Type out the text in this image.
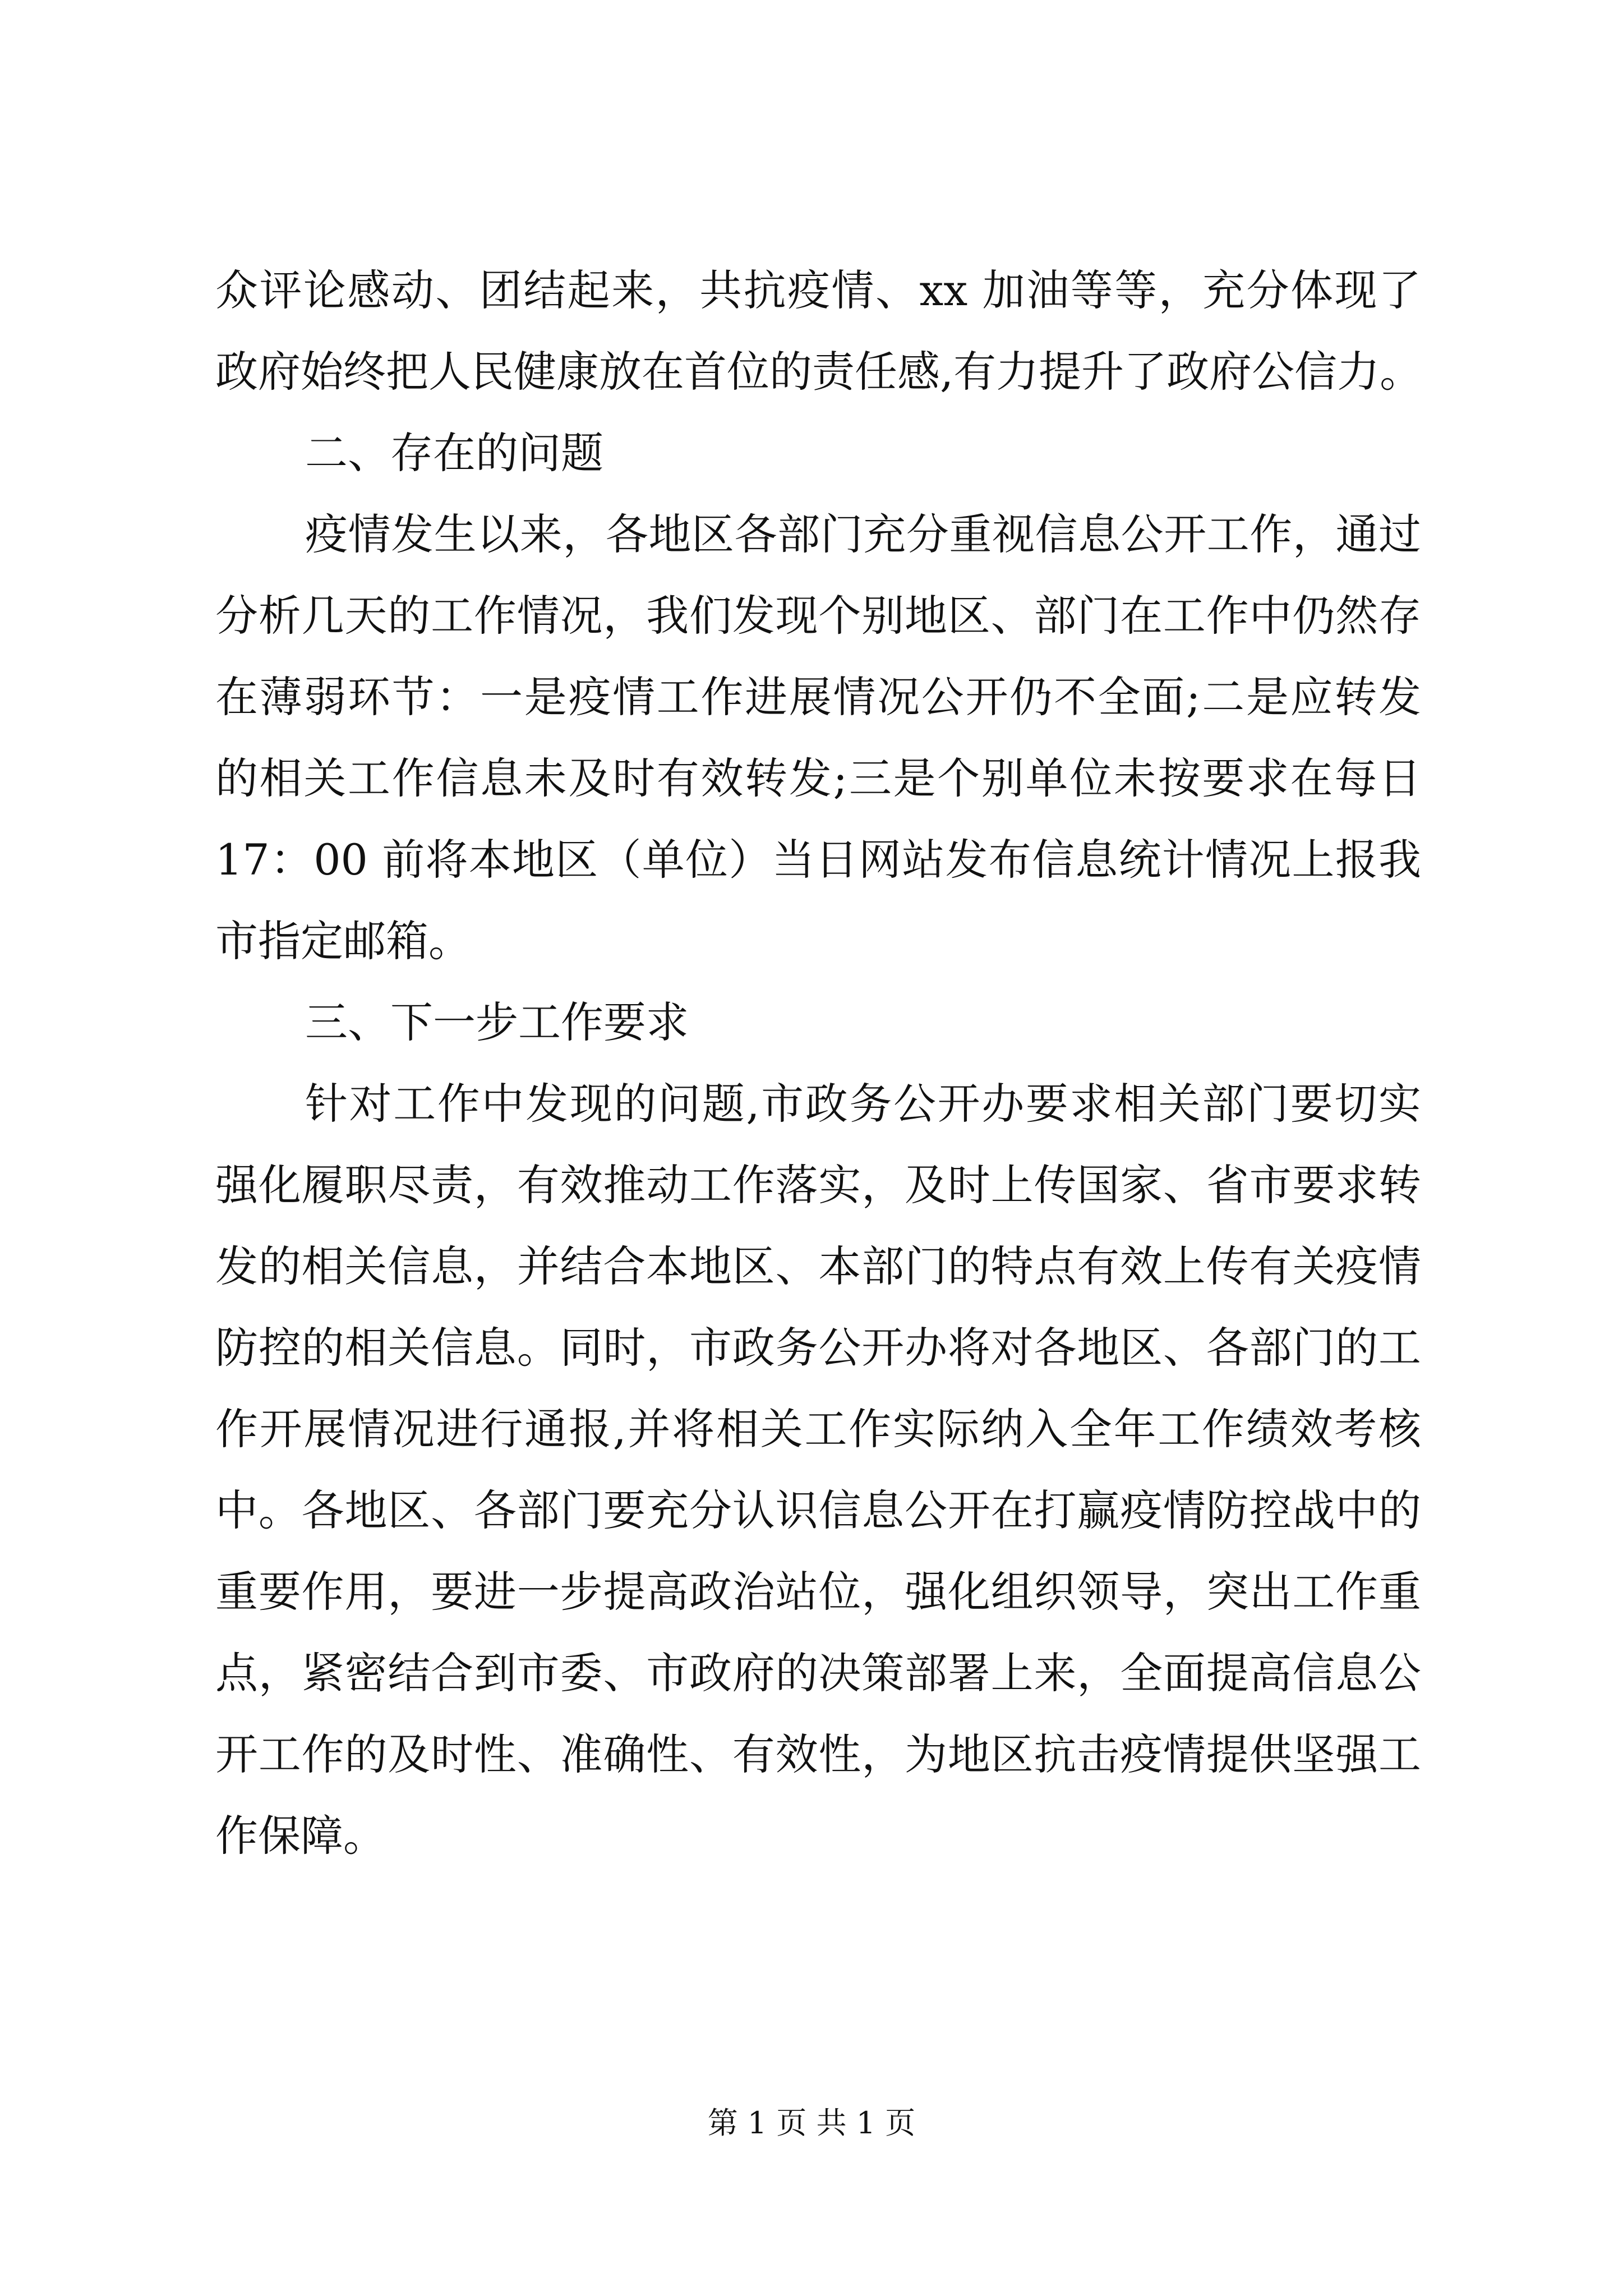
众评论感动、团结起来，共抗疫情、xx 加油等等，充分体现了
政府始终把人民健康放在首位的责任感,有力提升了政府公信力。
二、存在的问题
疫情发生以来，各地区各部门充分重视信息公开工作，通过
分析几天的工作情况，我们发现个别地区、部门在工作中仍然存
在薄弱环节：一是疫情工作进展情况公开仍不全面;二是应转发
的相关工作信息未及时有效转发;三是个别单位未按要求在每日
17：00 前将本地区（单位）当日网站发布信息统计情况上报我
市指定邮箱。
三、下一步工作要求
针对工作中发现的问题,市政务公开办要求相关部门要切实
强化履职尽责，有效推动工作落实，及时上传国家、省市要求转
发的相关信息，并结合本地区、本部门的特点有效上传有关疫情
防控的相关信息。同时，市政务公开办将对各地区、各部门的工
作开展情况进行通报,并将相关工作实际纳入全年工作绩效考核
中。各地区、各部门要充分认识信息公开在打赢疫情防控战中的
重要作用，要进一步提高政治站位，强化组织领导，突出工作重
点，紧密结合到市委、市政府的决策部署上来，全面提高信息公
开工作的及时性、准确性、有效性，为地区抗击疫情提供坚强工
作保障。
第 1 页 共 1 页
